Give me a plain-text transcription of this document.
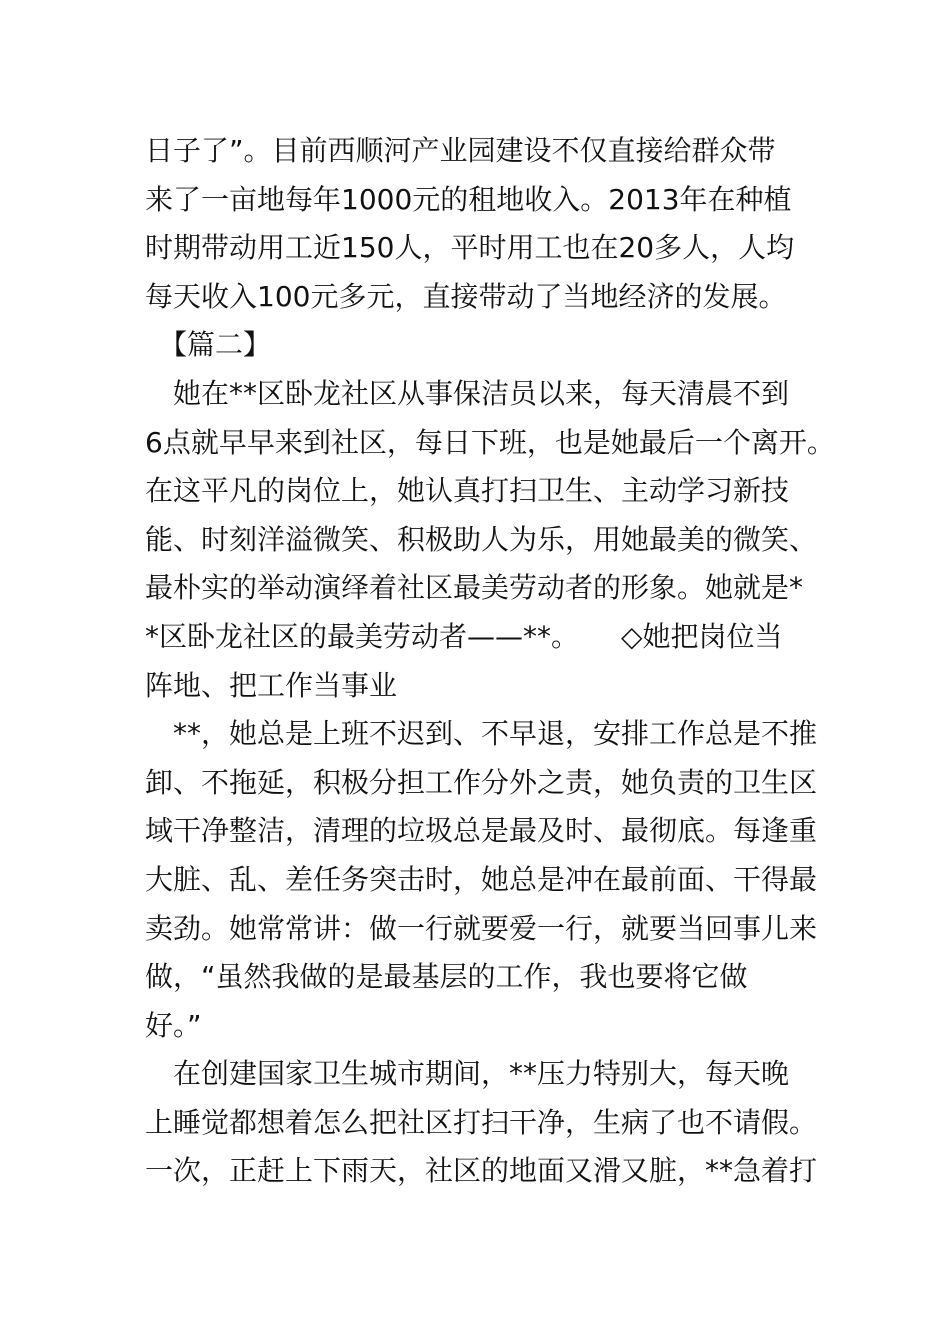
日子了”。目前西顺河产业园建设不仅直接给群众带
来了一亩地每年1000元的租地收入。2013年在种植
时期带动用工近150人，平时用工也在20多人，人均
每天收入100元多元，直接带动了当地经济的发展。
　【篇二】
　她在**区卧龙社区从事保洁员以来，每天清晨不到
6点就早早来到社区，每日下班，也是她最后一个离开。
在这平凡的岗位上，她认真打扫卫生、主动学习新技
能、时刻洋溢微笑、积极助人为乐，用她最美的微笑、
最朴实的举动演绎着社区最美劳动者的形象。她就是*
*区卧龙社区的最美劳动者——**。　　◇她把岗位当
阵地、把工作当事业
　**，她总是上班不迟到、不早退，安排工作总是不推
卸、不拖延，积极分担工作分外之责，她负责的卫生区
域干净整洁，清理的垃圾总是最及时、最彻底。每逢重
大脏、乱、差任务突击时，她总是冲在最前面、干得最
卖劲。她常常讲：做一行就要爱一行，就要当回事儿来
做，“虽然我做的是最基层的工作，我也要将它做
好。”
　在创建国家卫生城市期间，**压力特别大，每天晚
上睡觉都想着怎么把社区打扫干净，生病了也不请假。
一次，正赶上下雨天，社区的地面又滑又脏，**急着打
